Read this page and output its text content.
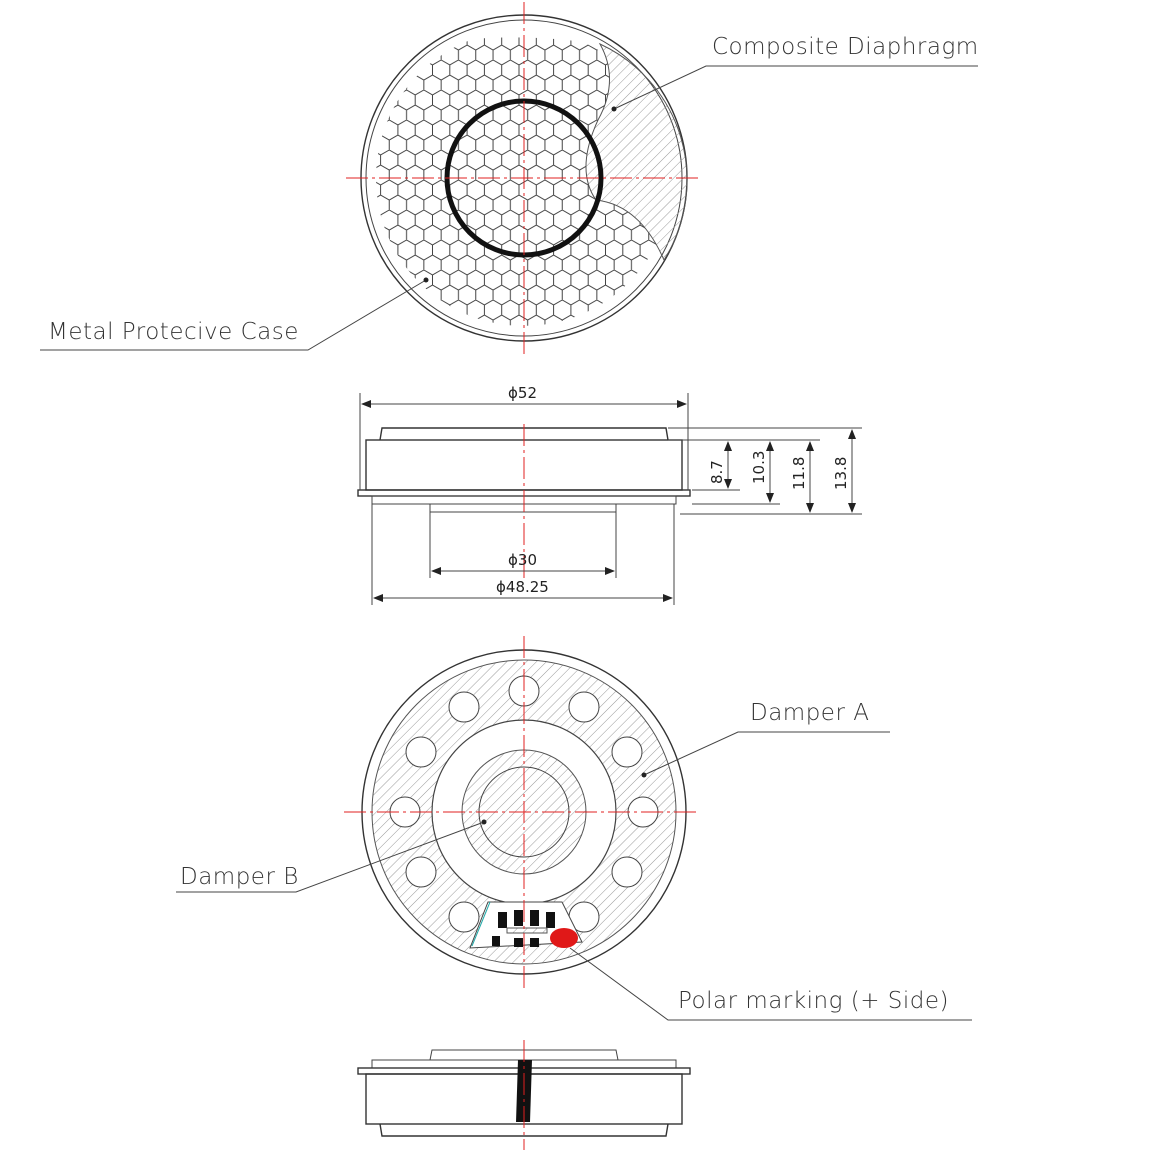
Composite Diaphragm
Metal Protecive Case
ϕ52
ϕ30
ϕ48.25
8.7 10.3 11.8 13.8
Damper A
Damper B
Polar marking (+ Side)
